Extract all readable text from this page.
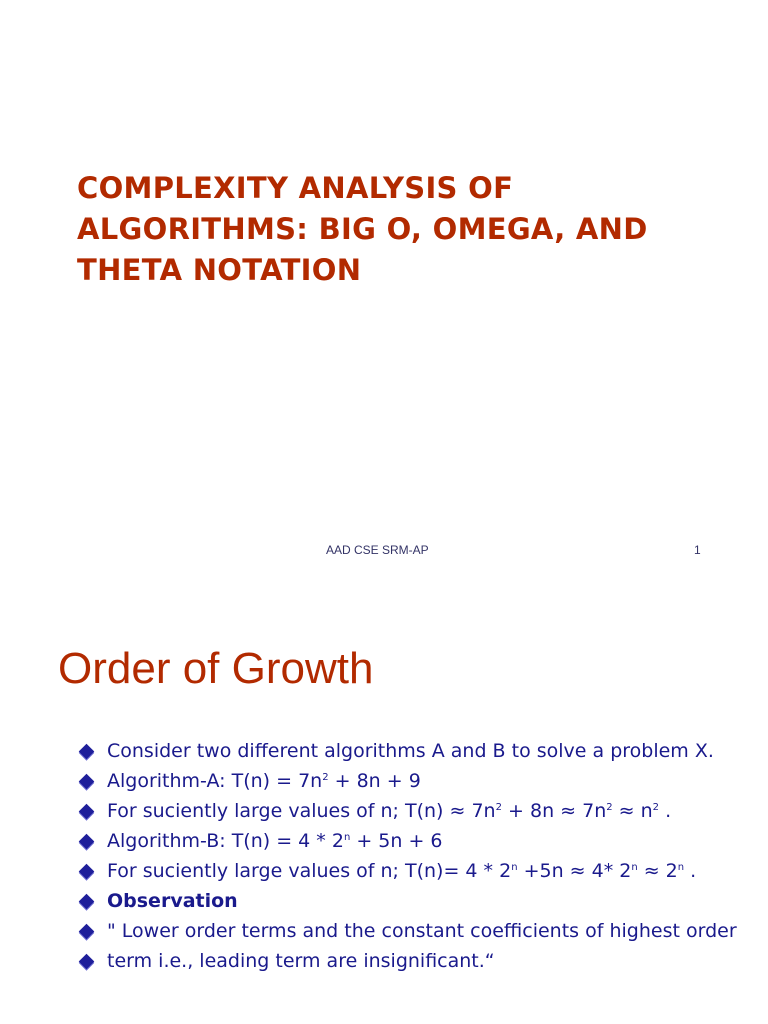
COMPLEXITY ANALYSIS OF
ALGORITHMS: BIG O, OMEGA, AND
THETA NOTATION
AAD CSE SRM-AP	1
Order of Growth
Consider two different algorithms A and B to solve a problem X.
Algorithm-A: $T(n) = 7n^2 + 8n + 9$
For suciently large values of n; $T(n) \approx 7n^2 + 8n \approx 7n^2 \approx n^2$ .
Algorithm-B: $T(n) = 4 * 2^n + 5n + 6$
For suciently large values of n; $T(n)= 4 * 2^n +5n \approx 4*$ $2^n \approx 2^n$ .
Observation
" Lower order terms and the constant coefficients of highest order
term i.e., leading term are insignificant.“
